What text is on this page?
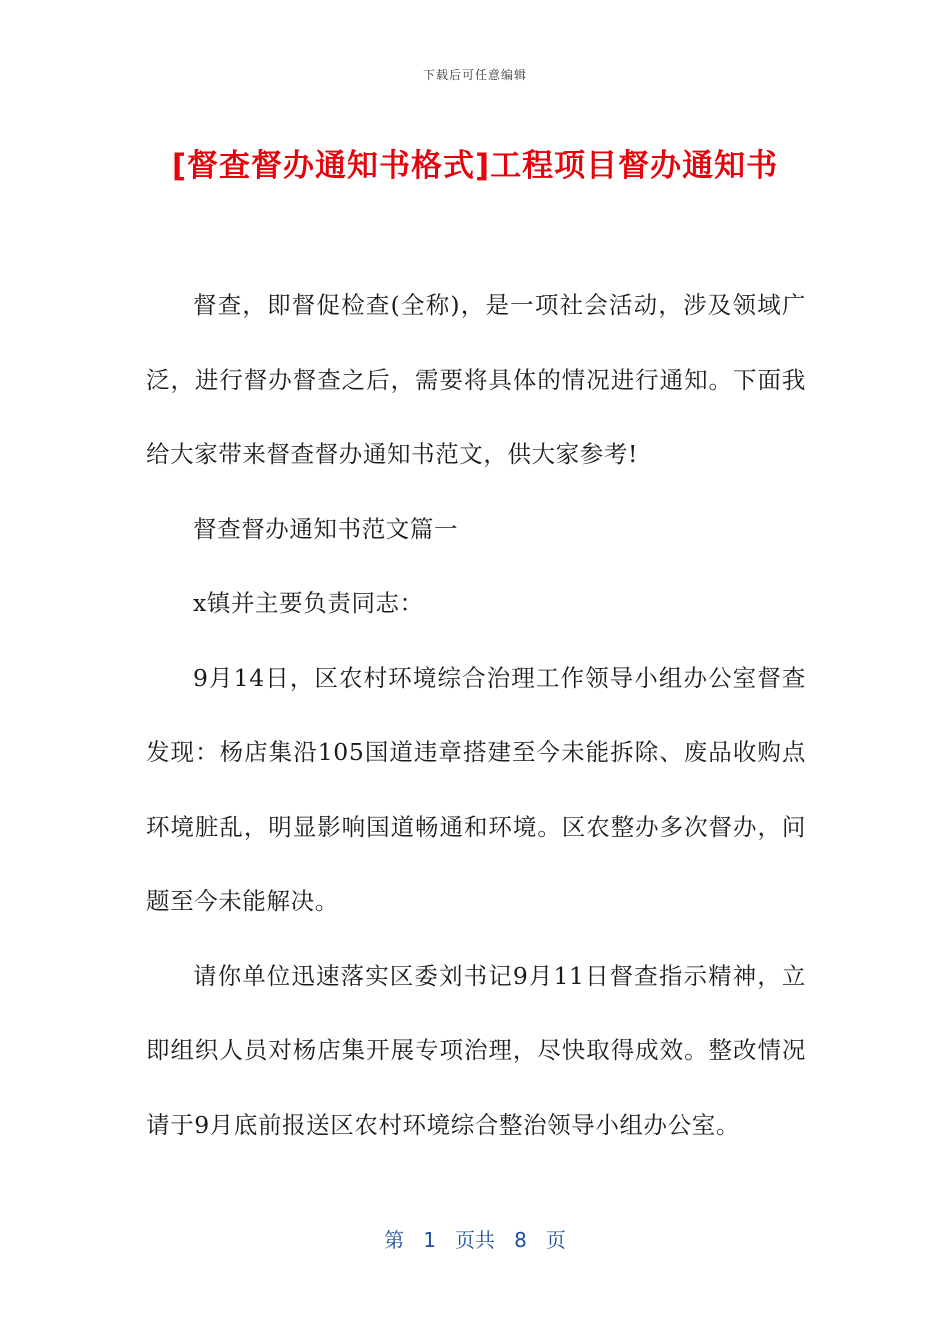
下载后可任意编辑
[督查督办通知书格式]工程项目督办通知书

督查，即督促检查(全称)，是一项社会活动，涉及领域广泛，进行督办督查之后，需要将具体的情况进行通知。下面我给大家带来督查督办通知书范文，供大家参考!

督查督办通知书范文篇一

x镇并主要负责同志：

9月14日，区农村环境综合治理工作领导小组办公室督查发现：杨店集沿105国道违章搭建至今未能拆除、废品收购点环境脏乱，明显影响国道畅通和环境。区农整办多次督办，问题至今未能解决。

请你单位迅速落实区委刘书记9月11日督查指示精神，立即组织人员对杨店集开展专项治理，尽快取得成效。整改情况请于9月底前报送区农村环境综合整治领导小组办公室。

第 1 页共 8 页
